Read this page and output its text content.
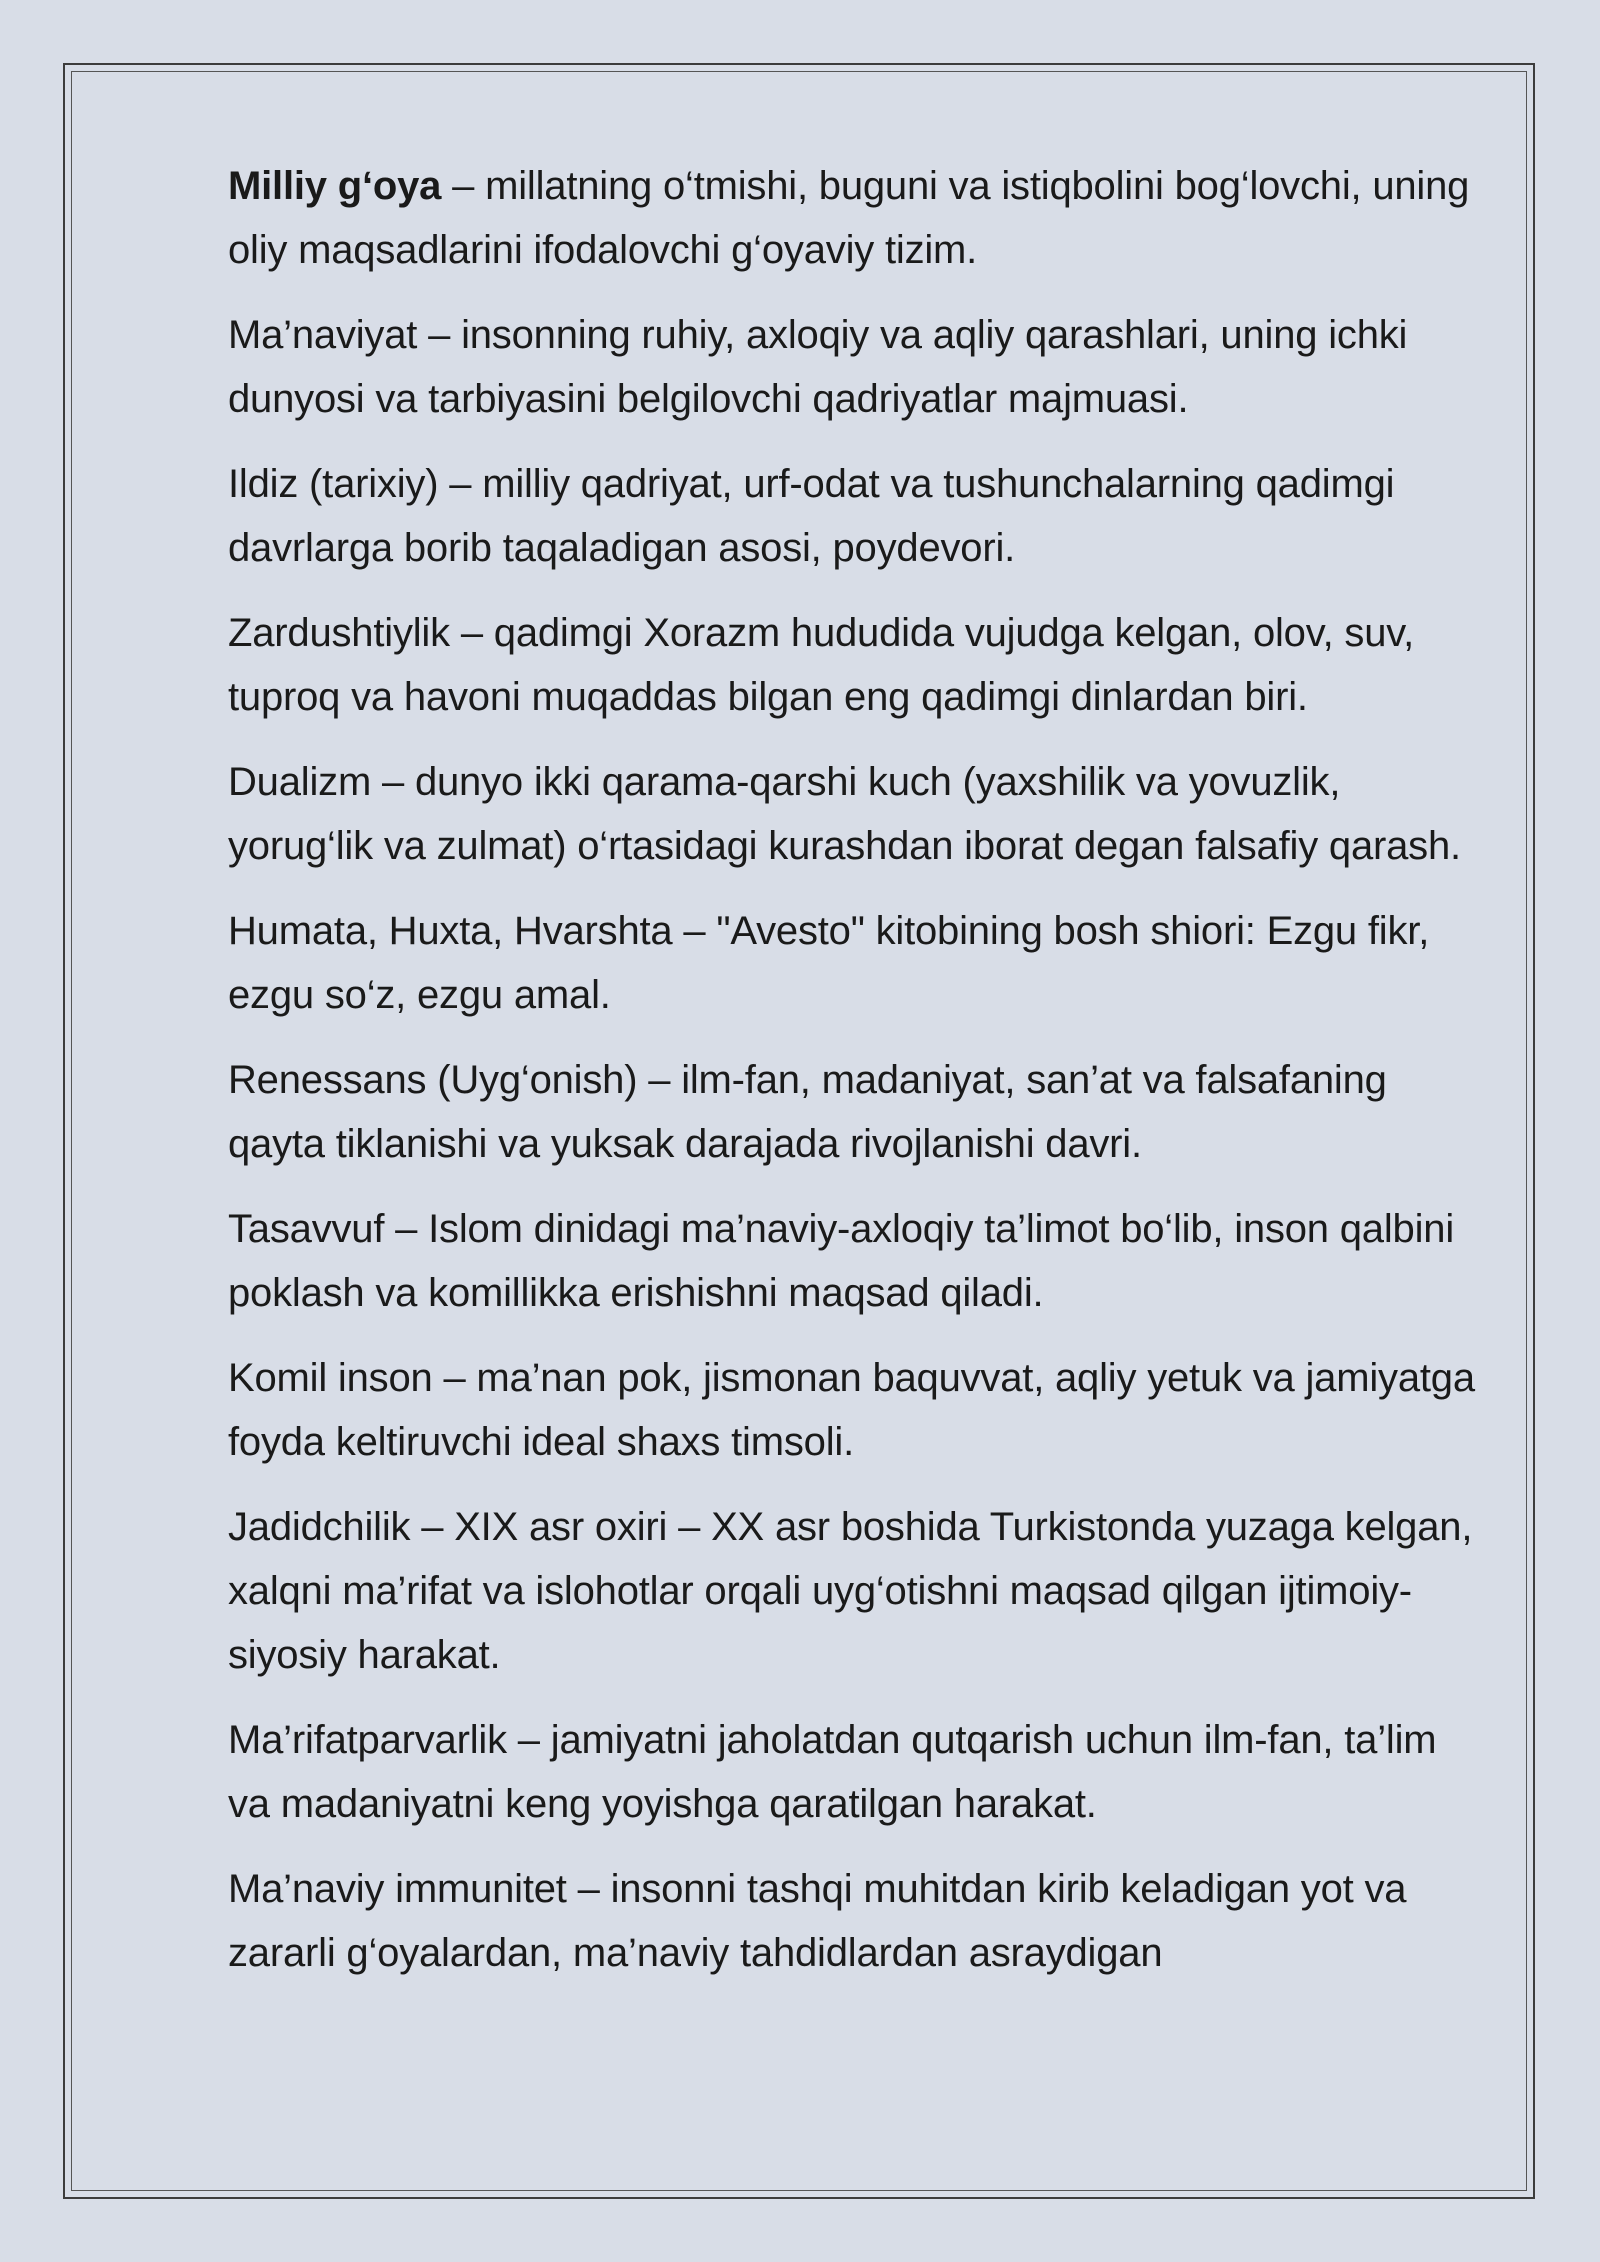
Milliy g‘oya – millatning o‘tmishi, buguni va istiqbolini bog‘lovchi, uning oliy maqsadlarini ifodalovchi g‘oyaviy tizim.

Ma’naviyat – insonning ruhiy, axloqiy va aqliy qarashlari, uning ichki dunyosi va tarbiyasini belgilovchi qadriyatlar majmuasi.

Ildiz (tarixiy) – milliy qadriyat, urf-odat va tushunchalarning qadimgi davrlarga borib taqaladigan asosi, poydevori.

Zardushtiylik – qadimgi Xorazm hududida vujudga kelgan, olov, suv, tuproq va havoni muqaddas bilgan eng qadimgi dinlardan biri.

Dualizm – dunyo ikki qarama-qarshi kuch (yaxshilik va yovuzlik, yorug‘lik va zulmat) o‘rtasidagi kurashdan iborat degan falsafiy qarash.

Humata, Huxta, Hvarshta – "Avesto" kitobining bosh shiori: Ezgu fikr, ezgu so‘z, ezgu amal.

Renessans (Uyg‘onish) – ilm-fan, madaniyat, san’at va falsafaning qayta tiklanishi va yuksak darajada rivojlanishi davri.

Tasavvuf – Islom dinidagi ma’naviy-axloqiy ta’limot bo‘lib, inson qalbini poklash va komillikka erishishni maqsad qiladi.

Komil inson – ma’nan pok, jismonan baquvvat, aqliy yetuk va jamiyatga foyda keltiruvchi ideal shaxs timsoli.

Jadidchilik – XIX asr oxiri – XX asr boshida Turkistonda yuzaga kelgan, xalqni ma’rifat va islohotlar orqali uyg‘otishni maqsad qilgan ijtimoiy-siyosiy harakat.

Ma’rifatparvarlik – jamiyatni jaholatdan qutqarish uchun ilm-fan, ta’lim va madaniyatni keng yoyishga qaratilgan harakat.

Ma’naviy immunitet – insonni tashqi muhitdan kirib keladigan yot va zararli g‘oyalardan, ma’naviy tahdidlardan asraydigan
